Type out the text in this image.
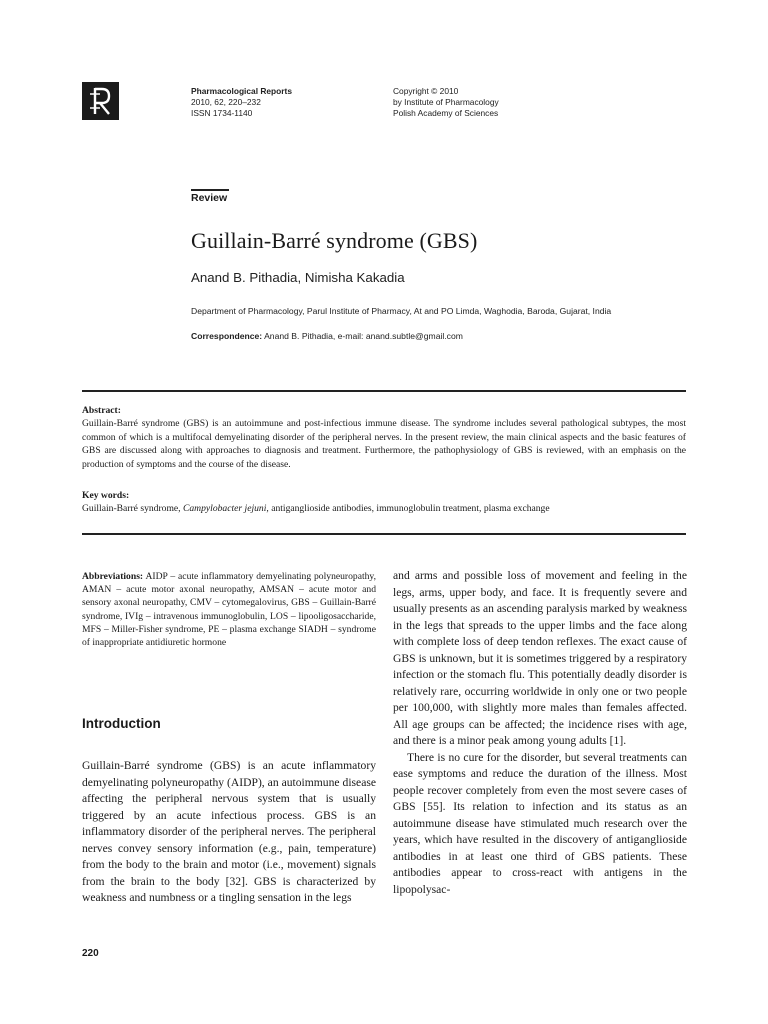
Pharmacological Reports
2010, 62, 220–232
ISSN 1734-1140
Copyright © 2010
by Institute of Pharmacology
Polish Academy of Sciences
Review
Guillain-Barré syndrome (GBS)
Anand B. Pithadia, Nimisha Kakadia
Department of Pharmacology, Parul Institute of Pharmacy, At and PO Limda, Waghodia, Baroda, Gujarat, India
Correspondence: Anand B. Pithadia, e-mail: anand.subtle@gmail.com
Abstract:

Guillain-Barré syndrome (GBS) is an autoimmune and post-infectious immune disease. The syndrome includes several pathological subtypes, the most common of which is a multifocal demyelinating disorder of the peripheral nerves. In the present review, the main clinical aspects and the basic features of GBS are discussed along with approaches to diagnosis and treatment. Furthermore, the pathophysiology of GBS is reviewed, with an emphasis on the production of symptoms and the course of the disease.

Key words:
Guillain-Barré syndrome, Campylobacter jejuni, antiganglioside antibodies, immunoglobulin treatment, plasma exchange
Abbreviations: AIDP – acute inflammatory demyelinating polyneuropathy, AMAN – acute motor axonal neuropathy, AMSAN – acute motor and sensory axonal neuropathy, CMV – cytomegalovirus, GBS – Guillain-Barré syndrome, IVIg – intravenous immunoglobulin, LOS – lipooligosaccharide, MFS – Miller-Fisher syndrome, PE – plasma exchange SIADH – syndrome of inappropriate antidiuretic hormone
Introduction

Guillain-Barré syndrome (GBS) is an acute inflammatory demyelinating polyneuropathy (AIDP), an autoimmune disease affecting the peripheral nervous system that is usually triggered by an acute infectious process. GBS is an inflammatory disorder of the peripheral nerves. The peripheral nerves convey sensory information (e.g., pain, temperature) from the body to the brain and motor (i.e., movement) signals from the brain to the body [32]. GBS is characterized by weakness and numbness or a tingling sensation in the legs

and arms and possible loss of movement and feeling in the legs, arms, upper body, and face. It is frequently severe and usually presents as an ascending paralysis marked by weakness in the legs that spreads to the upper limbs and the face along with complete loss of deep tendon reflexes. The exact cause of GBS is unknown, but it is sometimes triggered by a respiratory infection or the stomach flu. This potentially deadly disorder is relatively rare, occurring worldwide in only one or two people per 100,000, with slightly more males than females affected. All age groups can be affected; the incidence rises with age, and there is a minor peak among young adults [1].

There is no cure for the disorder, but several treatments can ease symptoms and reduce the duration of the illness. Most people recover completely from even the most severe cases of GBS [55]. Its relation to infection and its status as an autoimmune disease have stimulated much research over the years, which have resulted in the discovery of antiganglioside antibodies in at least one third of GBS patients. These antibodies appear to cross-react with antigens in the lipopolysac-

220
